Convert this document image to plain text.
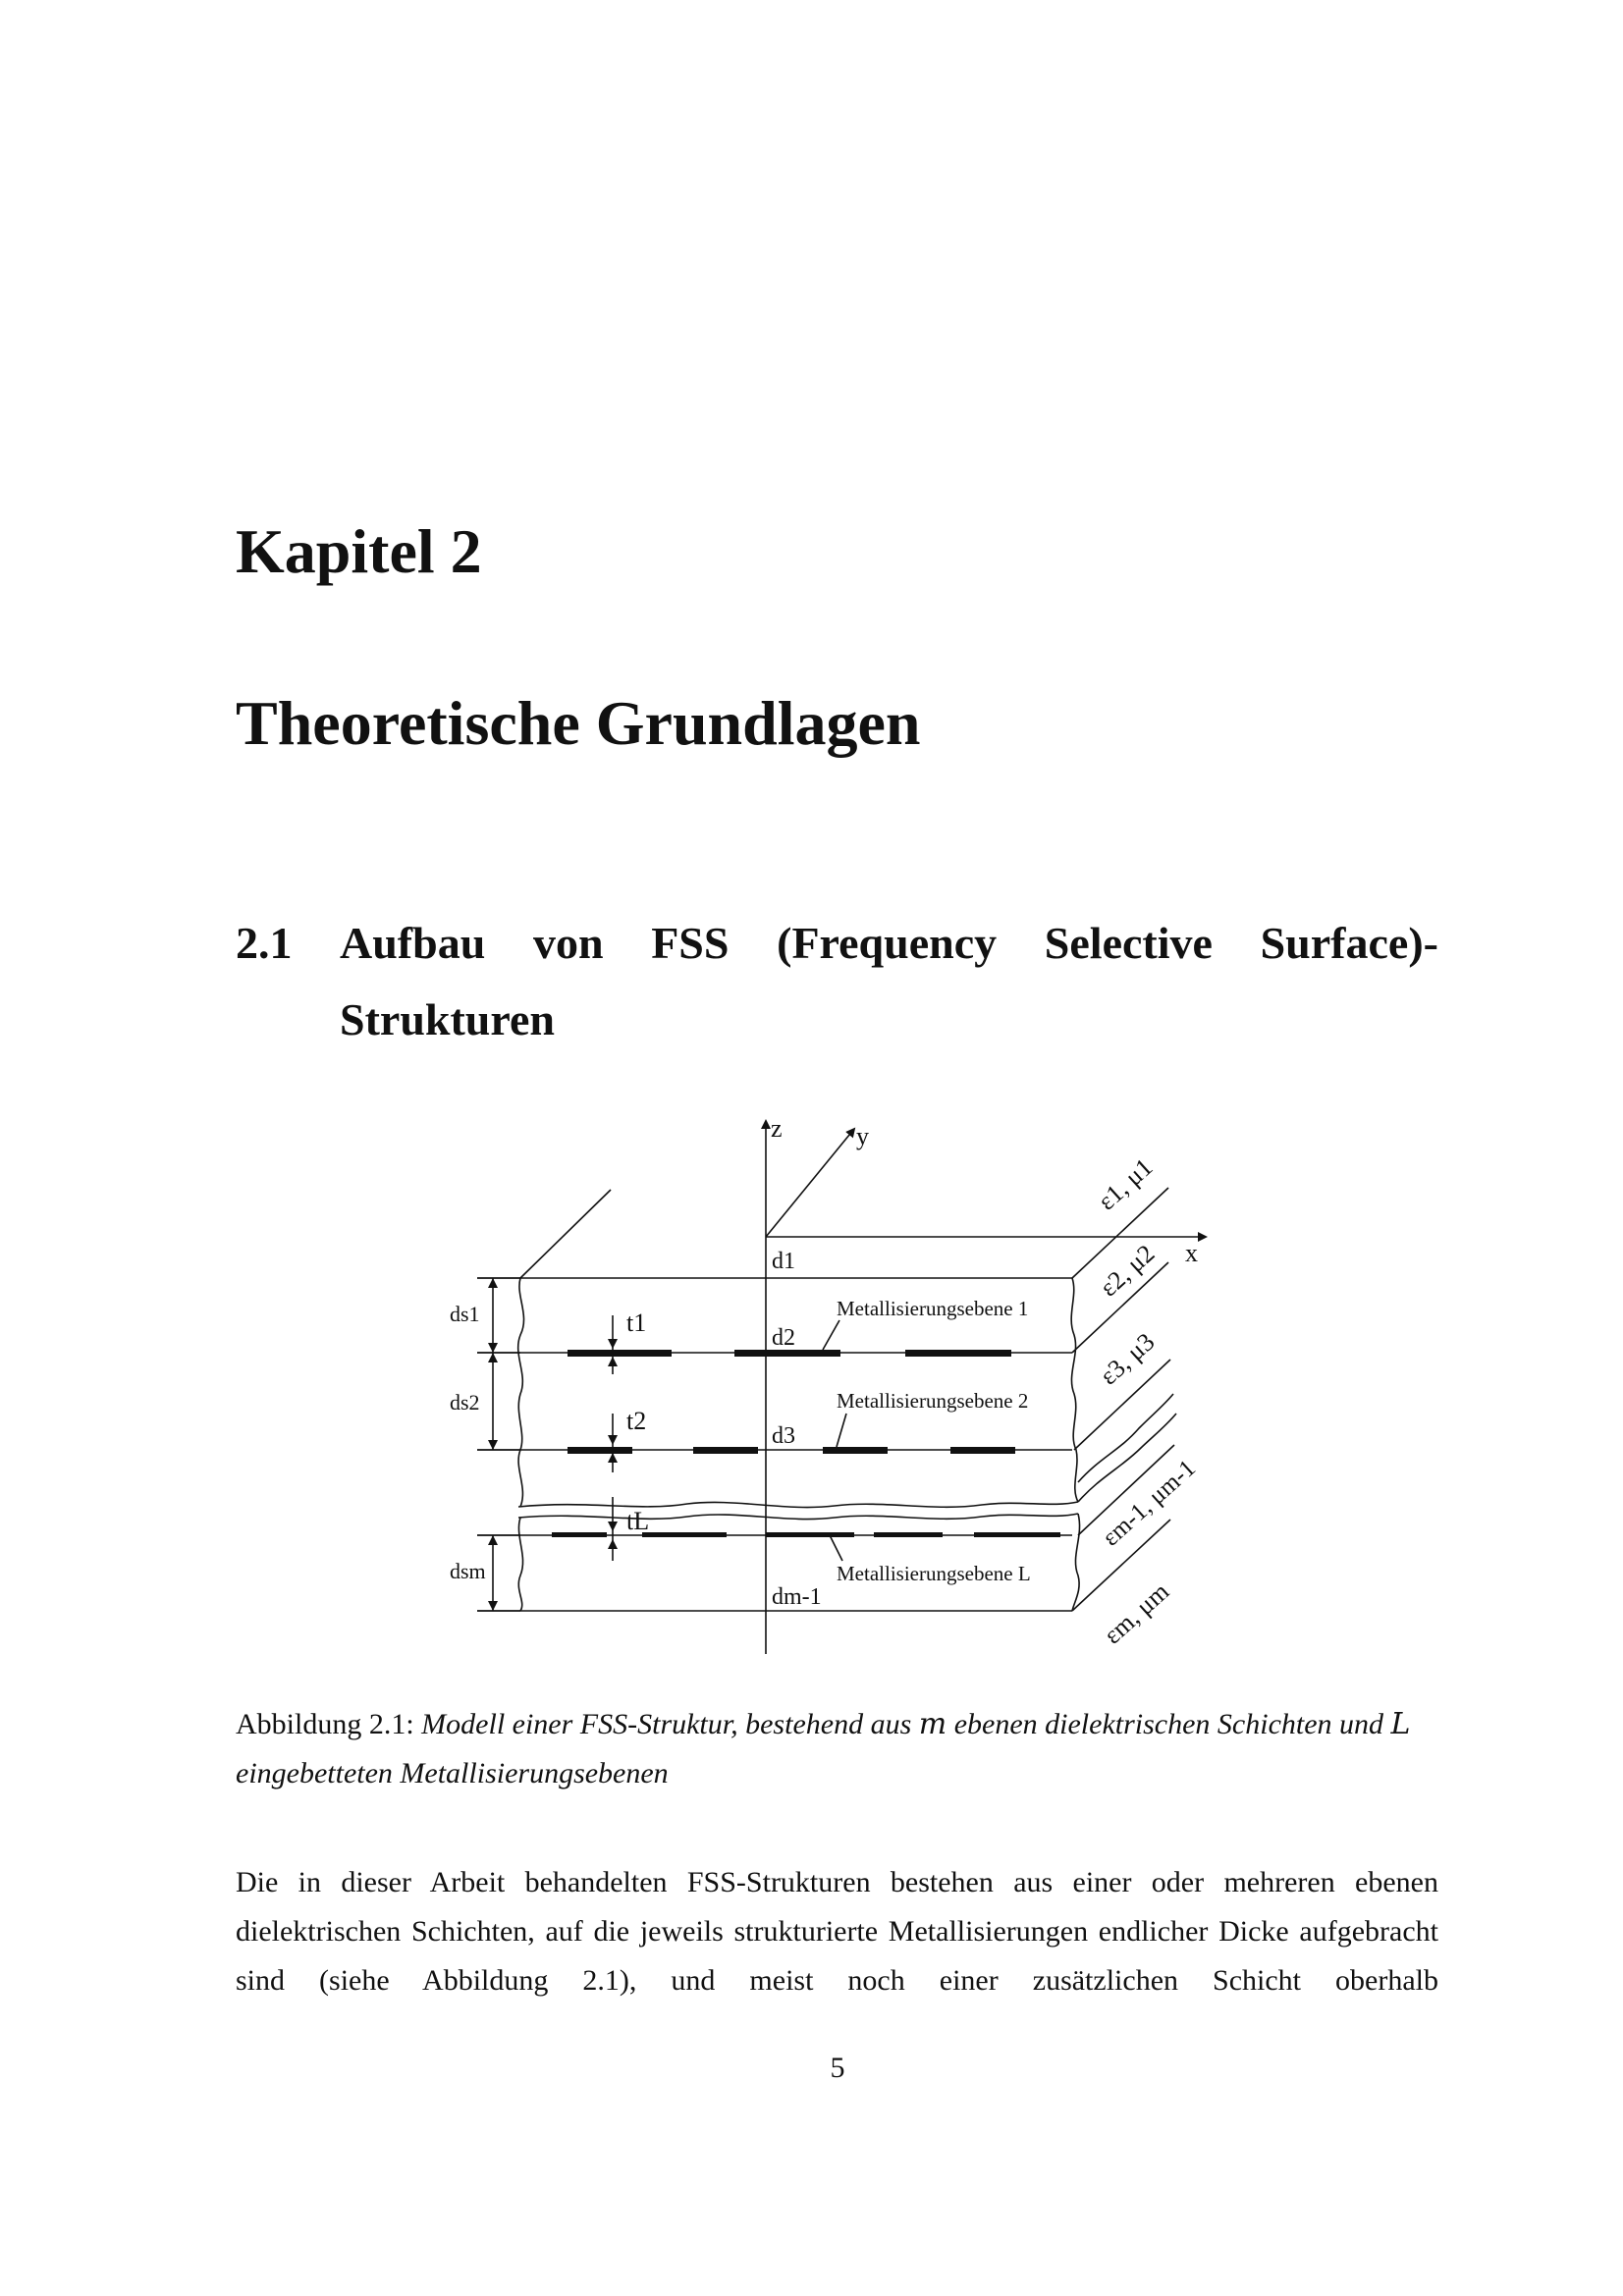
Kapitel 2
Theoretische Grundlagen
2.1 Aufbau von FSS (Frequency Selective Surface)-
Strukturen
z	y
x
d1
d2
d3
dm-1
ds1
ds2
dsm
t1
t2
tL
Metallisierungsebene 1
Metallisierungsebene 2
Metallisierungsebene L
ε1, μ1
ε2, μ2
ε3, μ3
εm-1, μm-1
εm, μm
Abbildung 2.1: Modell einer FSS-Struktur, bestehend aus m ebenen dielektrischen Schichten und L eingebetteten Metallisierungsebenen
Die in dieser Arbeit behandelten FSS-Strukturen bestehen aus einer oder mehreren ebenen dielektrischen Schichten, auf die jeweils strukturierte Metallisierungen endlicher Dicke aufgebracht sind (siehe Abbildung 2.1), und meist noch einer zusätzlichen Schicht oberhalb
5
